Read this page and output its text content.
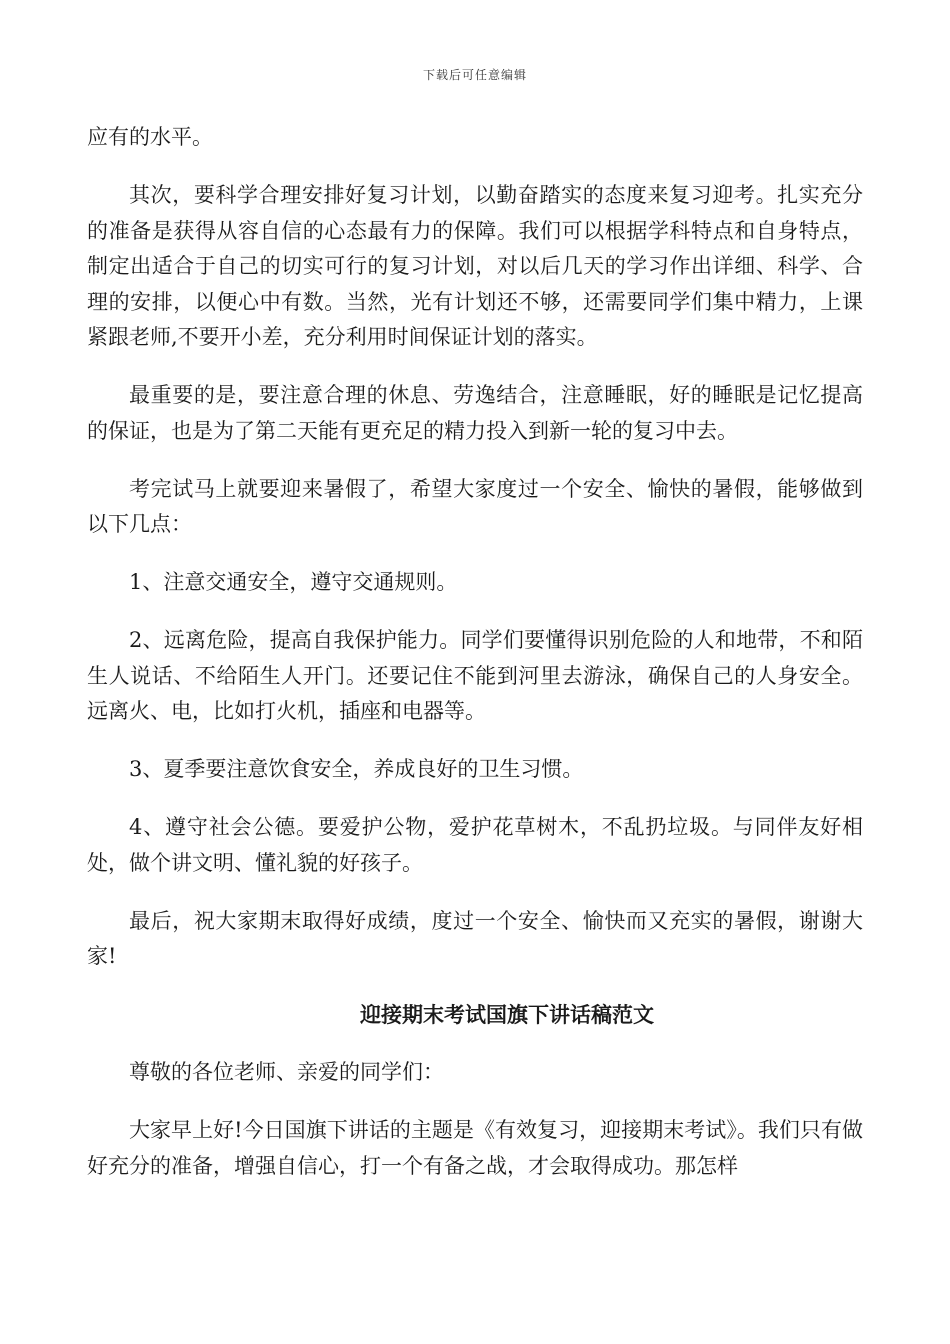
下载后可任意编辑

应有的水平。

其次，要科学合理安排好复习计划，以勤奋踏实的态度来复习迎考。扎实充分的准备是获得从容自信的心态最有力的保障。我们可以根据学科特点和自身特点，制定出适合于自己的切实可行的复习计划，对以后几天的学习作出详细、科学、合理的安排，以便心中有数。当然，光有计划还不够，还需要同学们集中精力，上课紧跟老师,不要开小差，充分利用时间保证计划的落实。

最重要的是，要注意合理的休息、劳逸结合，注意睡眠，好的睡眠是记忆提高的保证，也是为了第二天能有更充足的精力投入到新一轮的复习中去。

考完试马上就要迎来暑假了，希望大家度过一个安全、愉快的暑假，能够做到以下几点：

1、注意交通安全，遵守交通规则。

2、远离危险，提高自我保护能力。同学们要懂得识别危险的人和地带，不和陌生人说话、不给陌生人开门。还要记住不能到河里去游泳，确保自己的人身安全。远离火、电，比如打火机，插座和电器等。

3、夏季要注意饮食安全，养成良好的卫生习惯。

4、遵守社会公德。要爱护公物，爱护花草树木，不乱扔垃圾。与同伴友好相处，做个讲文明、懂礼貌的好孩子。

最后，祝大家期末取得好成绩，度过一个安全、愉快而又充实的暑假，谢谢大家!

迎接期末考试国旗下讲话稿范文

尊敬的各位老师、亲爱的同学们：

大家早上好!今日国旗下讲话的主题是《有效复习，迎接期末考试》。我们只有做好充分的准备，增强自信心，打一个有备之战，才会取得成功。那怎样
